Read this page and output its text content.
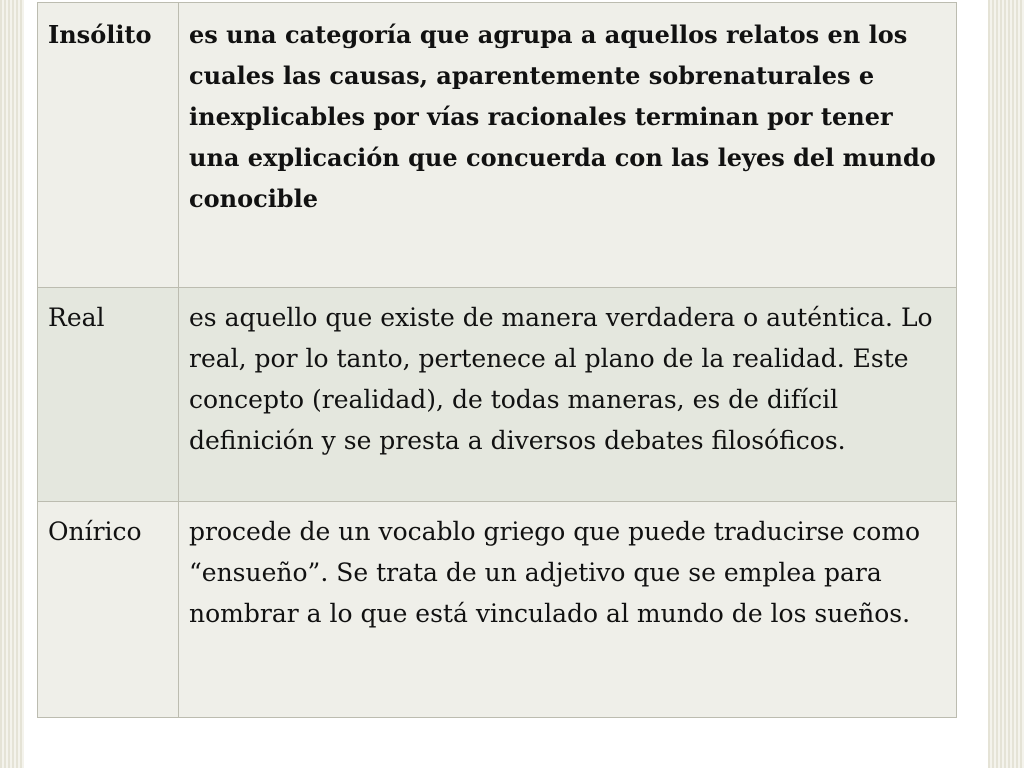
Insólito	es una categoría que agrupa a aquellos relatos en los cuales las causas, aparentemente sobrenaturales e inexplicables por vías racionales terminan por tener una explicación que concuerda con las leyes del mundo conocible

Real	es aquello que existe de manera verdadera o auténtica. Lo real, por lo tanto, pertenece al plano de la realidad. Este concepto (realidad), de todas maneras, es de difícil definición y se presta a diversos debates filosóficos.

Onírico	procede de un vocablo griego que puede traducirse como “ensueño”. Se trata de un adjetivo que se emplea para nombrar a lo que está vinculado al mundo de los sueños.
